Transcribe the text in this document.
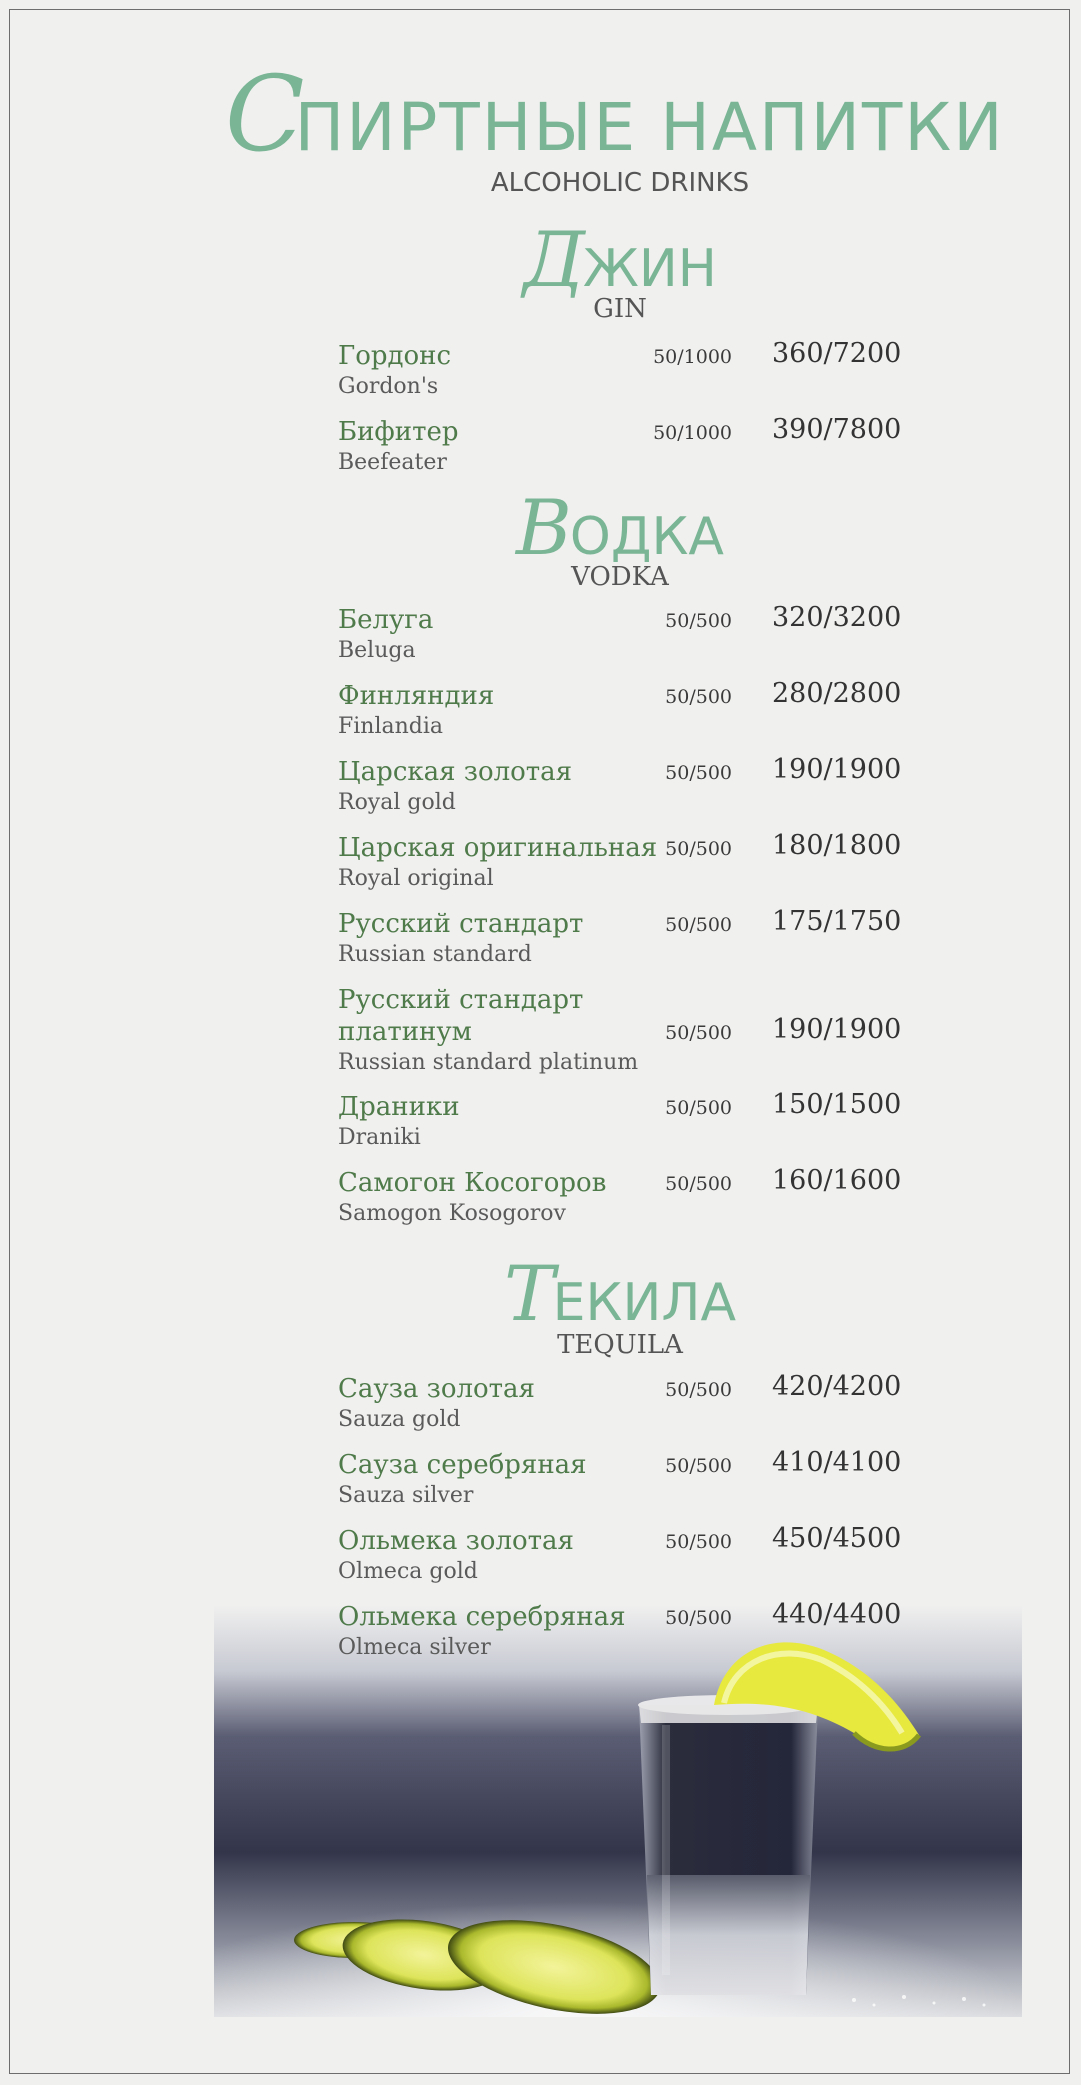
СПИРТНЫЕ НАПИТКИ
ALCOHOLIC DRINKS
ДЖИН
GIN
Гордонс
Gordon's
50/1000 360/7200
Бифитер
Beefeater
50/1000 390/7800
ВОДКА
VODKA
Белуга
Beluga
50/500 320/3200
Финляндия
Finlandia
50/500 280/2800
Царская золотая
Royal gold
50/500 190/1900
Царская оригинальная
Royal original
50/500 180/1800
Русский стандарт
Russian standard
50/500 175/1750
Русский стандарт платинум
Russian standard platinum
50/500 190/1900
Драники
Draniki
50/500 150/1500
Самогон Косогоров
Samogon Kosogorov
50/500 160/1600
ТЕКИЛА
TEQUILA
Сауза золотая
Sauza gold
50/500 420/4200
Сауза серебряная
Sauza silver
50/500 410/4100
Ольмека золотая
Olmeca gold
50/500 450/4500
Ольмека серебряная
Olmeca silver
50/500 440/4400
